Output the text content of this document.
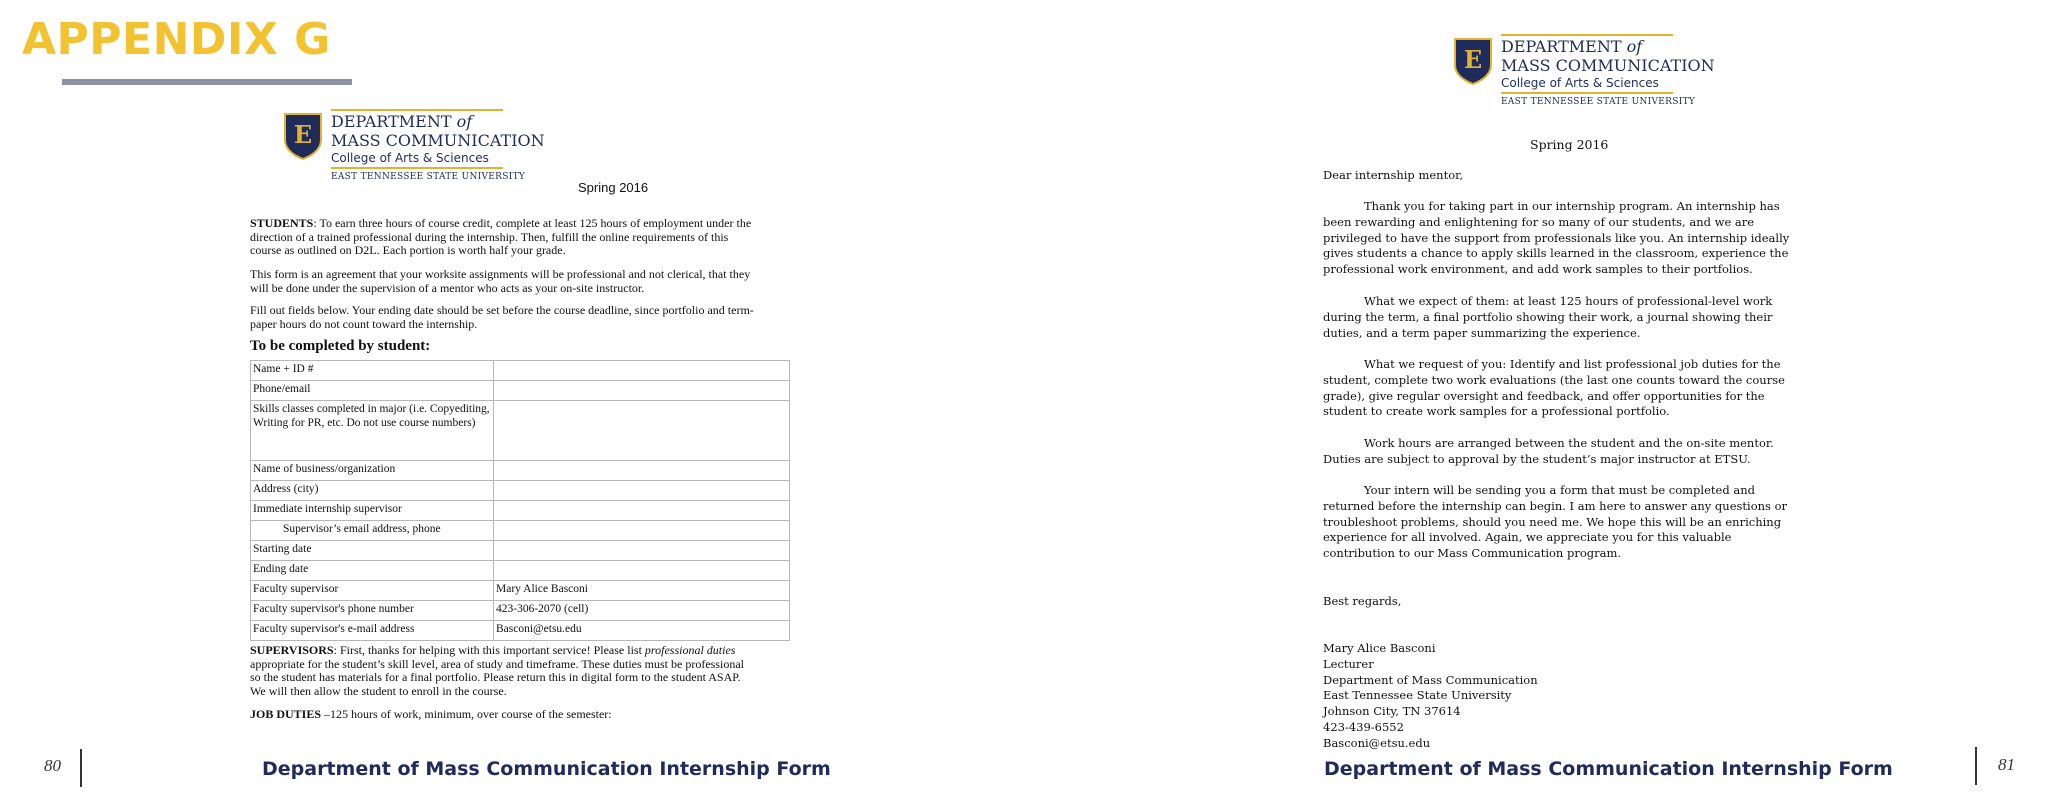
APPENDIX G
E DEPARTMENT of
MASS COMMUNICATION
College of Arts & Sciences
EAST TENNESSEE STATE UNIVERSITY
Spring 2016
STUDENTS: To earn three hours of course credit, complete at least 125 hours of employment under the direction of a trained professional during the internship. Then, fulfill the online requirements of this course as outlined on D2L. Each portion is worth half your grade.
This form is an agreement that your worksite assignments will be professional and not clerical, that they will be done under the supervision of a mentor who acts as your on-site instructor.
Fill out fields below. Your ending date should be set before the course deadline, since portfolio and term-paper hours do not count toward the internship.
To be completed by student:
Name + ID #	
Phone/email	
Skills classes completed in major (i.e. Copyediting, Writing for PR, etc. Do not use course numbers)	
Name of business/organization	
Address (city)	
Immediate internship supervisor	
Supervisor’s email address, phone	
Starting date	
Ending date	
Faculty supervisor	Mary Alice Basconi
Faculty supervisor's phone number	423-306-2070 (cell)
Faculty supervisor's e-mail address	Basconi@etsu.edu
SUPERVISORS: First, thanks for helping with this important service! Please list professional duties appropriate for the student’s skill level, area of study and timeframe. These duties must be professional so the student has materials for a final portfolio. Please return this in digital form to the student ASAP. We will then allow the student to enroll in the course.
JOB DUTIES –125 hours of work, minimum, over course of the semester:
80	Department of Mass Communication Internship Form
E DEPARTMENT of
MASS COMMUNICATION
College of Arts & Sciences
EAST TENNESSEE STATE UNIVERSITY
Spring 2016
Dear internship mentor,
Thank you for taking part in our internship program. An internship has been rewarding and enlightening for so many of our students, and we are privileged to have the support from professionals like you. An internship ideally gives students a chance to apply skills learned in the classroom, experience the professional work environment, and add work samples to their portfolios.
What we expect of them: at least 125 hours of professional-level work during the term, a final portfolio showing their work, a journal showing their duties, and a term paper summarizing the experience.
What we request of you: Identify and list professional job duties for the student, complete two work evaluations (the last one counts toward the course grade), give regular oversight and feedback, and offer opportunities for the student to create work samples for a professional portfolio.
Work hours are arranged between the student and the on-site mentor. Duties are subject to approval by the student’s major instructor at ETSU.
Your intern will be sending you a form that must be completed and returned before the internship can begin. I am here to answer any questions or troubleshoot problems, should you need me. We hope this will be an enriching experience for all involved. Again, we appreciate you for this valuable contribution to our Mass Communication program.
Best regards,
Mary Alice Basconi
Lecturer
Department of Mass Communication
East Tennessee State University
Johnson City, TN 37614
423-439-6552
Basconi@etsu.edu
Department of Mass Communication Internship Form	81
